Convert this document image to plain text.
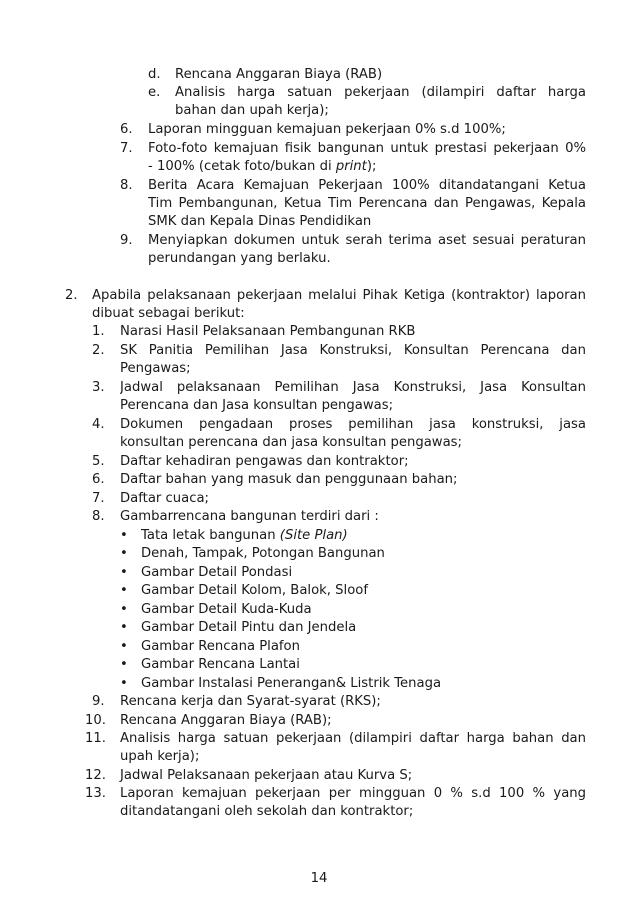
d. Rencana Anggaran Biaya (RAB)
e. Analisis harga satuan pekerjaan (dilampiri daftar harga
bahan dan upah kerja);
6. Laporan mingguan kemajuan pekerjaan 0% s.d 100%;
7. Foto-foto kemajuan fisik bangunan untuk prestasi pekerjaan 0%
- 100% (cetak foto/bukan di print);
8. Berita Acara Kemajuan Pekerjaan 100% ditandatangani Ketua
Tim Pembangunan, Ketua Tim Perencana dan Pengawas, Kepala
SMK dan Kepala Dinas Pendidikan
9. Menyiapkan dokumen untuk serah terima aset sesuai peraturan
perundangan yang berlaku.
2. Apabila pelaksanaan pekerjaan melalui Pihak Ketiga (kontraktor) laporan
dibuat sebagai berikut:
1. Narasi Hasil Pelaksanaan Pembangunan RKB
2. SK Panitia Pemilihan Jasa Konstruksi, Konsultan Perencana dan
Pengawas;
3. Jadwal pelaksanaan Pemilihan Jasa Konstruksi, Jasa Konsultan
Perencana dan Jasa konsultan pengawas;
4. Dokumen pengadaan proses pemilihan jasa konstruksi, jasa
konsultan perencana dan jasa konsultan pengawas;
5. Daftar kehadiran pengawas dan kontraktor;
6. Daftar bahan yang masuk dan penggunaan bahan;
7. Daftar cuaca;
8. Gambarrencana bangunan terdiri dari :
• Tata letak bangunan (Site Plan)
• Denah, Tampak, Potongan Bangunan
• Gambar Detail Pondasi
• Gambar Detail Kolom, Balok, Sloof
• Gambar Detail Kuda-Kuda
• Gambar Detail Pintu dan Jendela
• Gambar Rencana Plafon
• Gambar Rencana Lantai
• Gambar Instalasi Penerangan& Listrik Tenaga
9. Rencana kerja dan Syarat-syarat (RKS);
10. Rencana Anggaran Biaya (RAB);
11. Analisis harga satuan pekerjaan (dilampiri daftar harga bahan dan
upah kerja);
12. Jadwal Pelaksanaan pekerjaan atau Kurva S;
13. Laporan kemajuan pekerjaan per mingguan 0 % s.d 100 % yang
ditandatangani oleh sekolah dan kontraktor;
14
